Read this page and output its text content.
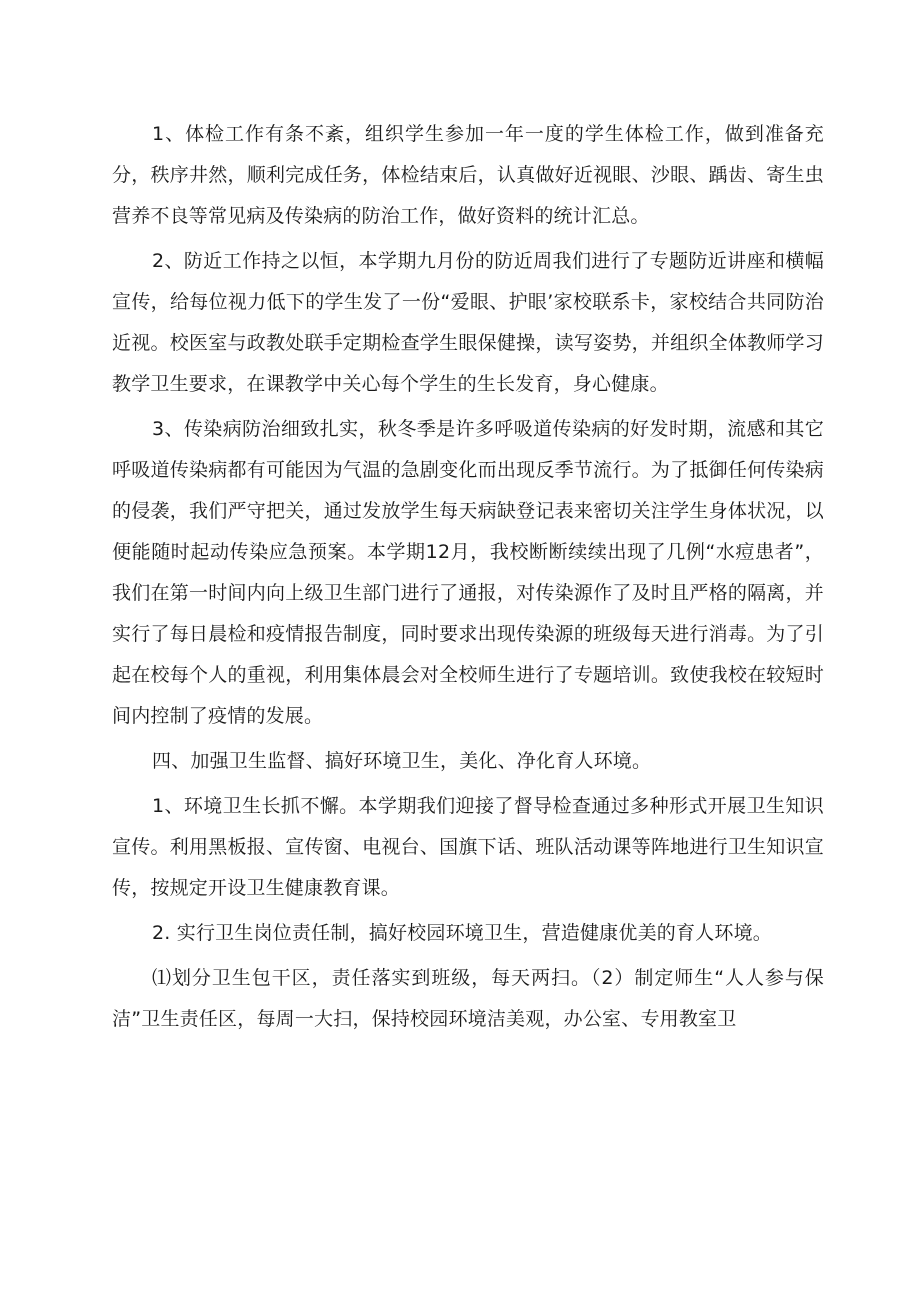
1、体检工作有条不紊，组织学生参加一年一度的学生体检工作，做到准备充分，秩序井然，顺利完成任务，体检结束后，认真做好近视眼、沙眼、踽齿、寄生虫营养不良等常见病及传染病的防治工作，做好资料的统计汇总。

2、防近工作持之以恒，本学期九月份的防近周我们进行了专题防近讲座和横幅宣传，给每位视力低下的学生发了一份“爱眼、护眼’家校联系卡，家校结合共同防治近视。校医室与政教处联手定期检查学生眼保健操，读写姿势，并组织全体教师学习教学卫生要求，在课教学中关心每个学生的生长发育，身心健康。

3、传染病防治细致扎实，秋冬季是许多呼吸道传染病的好发时期，流感和其它呼吸道传染病都有可能因为气温的急剧变化而出现反季节流行。为了抵御任何传染病的侵袭，我们严守把关，通过发放学生每天病缺登记表来密切关注学生身体状况，以便能随时起动传染应急预案。本学期12月，我校断断续续出现了几例“水痘患者”，我们在第一时间内向上级卫生部门进行了通报，对传染源作了及时且严格的隔离，并实行了每日晨检和疫情报告制度，同时要求出现传染源的班级每天进行消毒。为了引起在校每个人的重视，利用集体晨会对全校师生进行了专题培训。致使我校在较短时间内控制了疫情的发展。

四、加强卫生监督、搞好环境卫生，美化、净化育人环境。

1、环境卫生长抓不懈。本学期我们迎接了督导检查通过多种形式开展卫生知识宣传。利用黑板报、宣传窗、电视台、国旗下话、班队活动课等阵地进行卫生知识宣传，按规定开设卫生健康教育课。

2. 实行卫生岗位责任制，搞好校园环境卫生，营造健康优美的育人环境。

⑴划分卫生包干区，责任落实到班级，每天两扫。（2）制定师生“人人参与保洁”卫生责任区，每周一大扫，保持校园环境洁美观，办公室、专用教室卫
